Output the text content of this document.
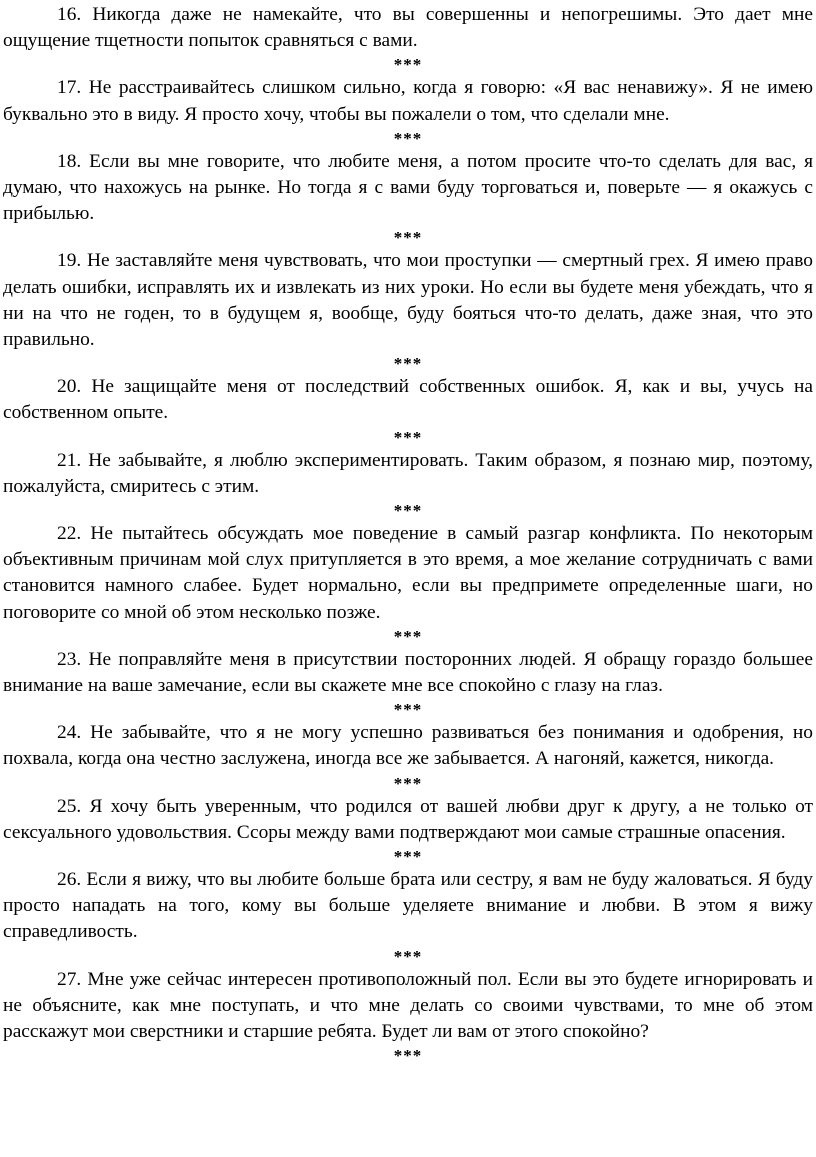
16. Никогда даже не намекайте, что вы совершенны и непогрешимы. Это дает мне ощущение тщетности попыток сравняться с вами.

***

17. Не расстраивайтесь слишком сильно, когда я говорю: «Я вас ненавижу». Я не имею буквально это в виду. Я просто хочу, чтобы вы пожалели о том, что сделали мне.

***

18. Если вы мне говорите, что любите меня, а потом просите что-то сделать для вас, я думаю, что нахожусь на рынке. Но тогда я с вами буду торговаться и, поверьте — я окажусь с прибылью.

***

19. Не заставляйте меня чувствовать, что мои проступки — смертный грех. Я имею право делать ошибки, исправлять их и извлекать из них уроки. Но если вы будете меня убеждать, что я ни на что не годен, то в будущем я, вообще, буду бояться что-то делать, даже зная, что это правильно.

***

20. Не защищайте меня от последствий собственных ошибок. Я, как и вы, учусь на собственном опыте.

***

21. Не забывайте, я люблю экспериментировать. Таким образом, я познаю мир, поэтому, пожалуйста, смиритесь с этим.

***

22. Не пытайтесь обсуждать мое поведение в самый разгар конфликта. По некоторым объективным причинам мой слух притупляется в это время, а мое желание сотрудничать с вами становится намного слабее. Будет нормально, если вы предпримете определенные шаги, но поговорите со мной об этом несколько позже.

***

23. Не поправляйте меня в присутствии посторонних людей. Я обращу гораздо большее внимание на ваше замечание, если вы скажете мне все спокойно с глазу на глаз.

***

24. Не забывайте, что я не могу успешно развиваться без понимания и одобрения, но похвала, когда она честно заслужена, иногда все же забывается. А нагоняй, кажется, никогда.

***

25. Я хочу быть уверенным, что родился от вашей любви друг к другу, а не только от сексуального удовольствия. Ссоры между вами подтверждают мои самые страшные опасения.

***

26. Если я вижу, что вы любите больше брата или сестру, я вам не буду жаловаться. Я буду просто нападать на того, кому вы больше уделяете внимание и любви. В этом я вижу справедливость.

***

27. Мне уже сейчас интересен противоположный пол. Если вы это будете игнорировать и не объясните, как мне поступать, и что мне делать со своими чувствами, то мне об этом расскажут мои сверстники и старшие ребята. Будет ли вам от этого спокойно?

***
